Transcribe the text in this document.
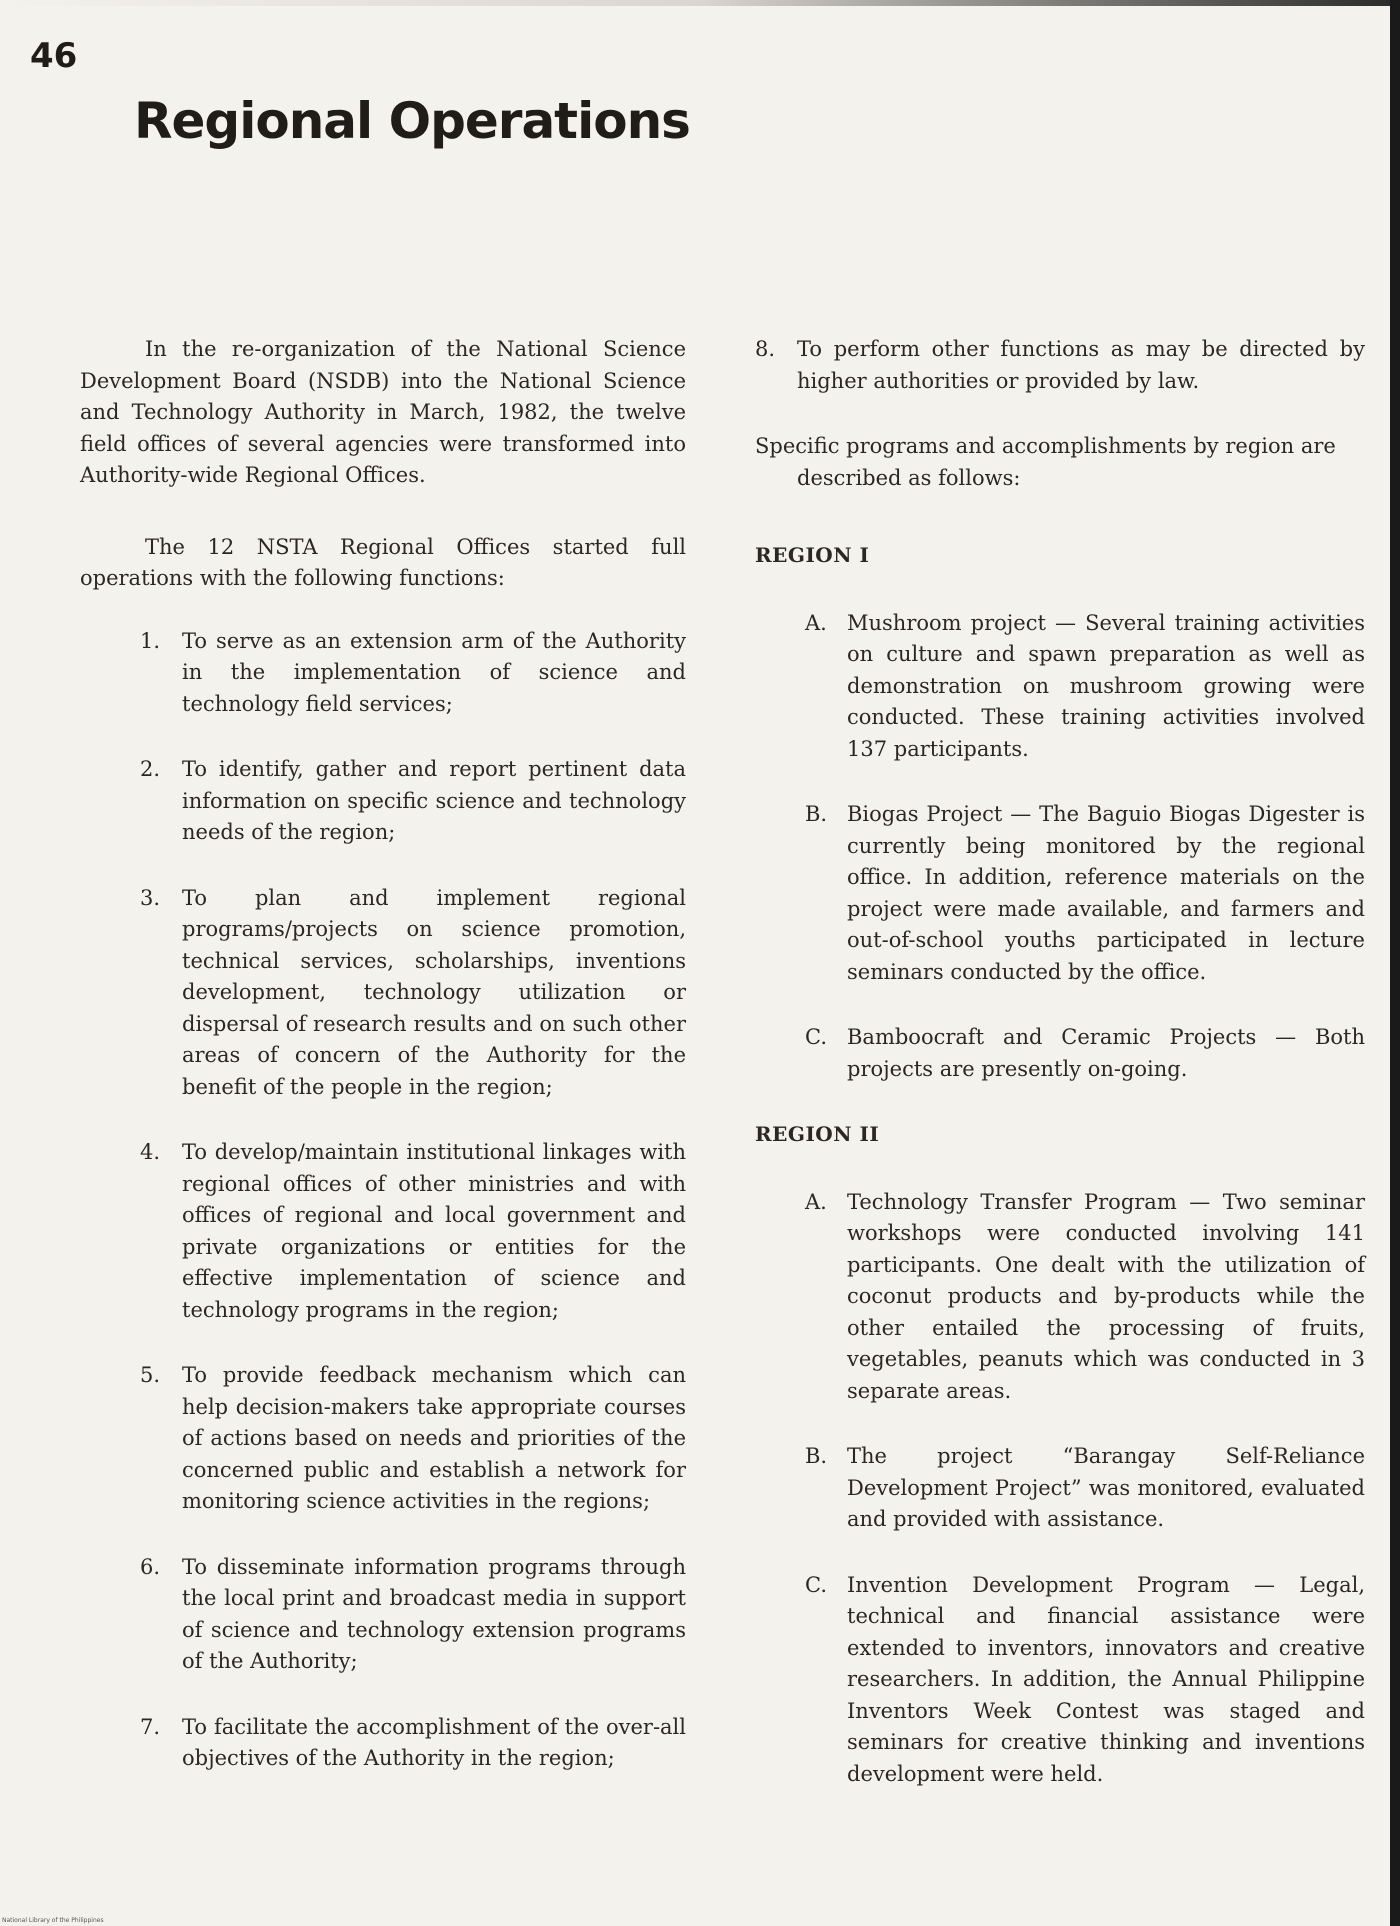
46
Regional Operations

In the re-organization of the National Science Development Board (NSDB) into the National Science and Technology Authority in March, 1982, the twelve field offices of several agencies were transformed into Authority-wide Regional Offices.

The 12 NSTA Regional Offices started full operations with the following functions:

1.	To serve as an extension arm of the Authority in the implementation of science and technology field services;
2.	To identify, gather and report pertinent data information on specific science and technology needs of the region;
3.	To plan and implement regional programs/projects on science promotion, technical services, scholarships, inventions development, technology utilization or dispersal of research results and on such other areas of concern of the Authority for the benefit of the people in the region;
4.	To develop/maintain institutional linkages with regional offices of other ministries and with offices of regional and local government and private organizations or entities for the effective implementation of science and technology programs in the region;
5.	To provide feedback mechanism which can help decision-makers take appropriate courses of actions based on needs and priorities of the concerned public and establish a network for monitoring science activities in the regions;
6.	To disseminate information programs through the local print and broadcast media in support of science and technology extension programs of the Authority;
7.	To facilitate the accomplishment of the over-all objectives of the Authority in the region;
8.	To perform other functions as may be directed by higher authorities or provided by law.

Specific programs and accomplishments by region are described as follows:

REGION I
A. Mushroom project — Several training activities on culture and spawn preparation as well as demonstration on mushroom growing were conducted. These training activities involved 137 participants.
B. Biogas Project — The Baguio Biogas Digester is currently being monitored by the regional office. In addition, reference materials on the project were made available, and farmers and out-of-school youths participated in lecture seminars conducted by the office.
C. Bamboocraft and Ceramic Projects — Both projects are presently on-going.
REGION II
A. Technology Transfer Program — Two seminar workshops were conducted involving 141 participants. One dealt with the utilization of coconut products and by-products while the other entailed the processing of fruits, vegetables, peanuts which was conducted in 3 separate areas.
B. The project “Barangay Self-Reliance Development Project” was monitored, evaluated and provided with assistance.
C. Invention Development Program — Legal, technical and financial assistance were extended to inventors, innovators and creative researchers. In addition, the Annual Philippine Inventors Week Contest was staged and seminars for creative thinking and inventions development were held.
National Library of the Philippines
